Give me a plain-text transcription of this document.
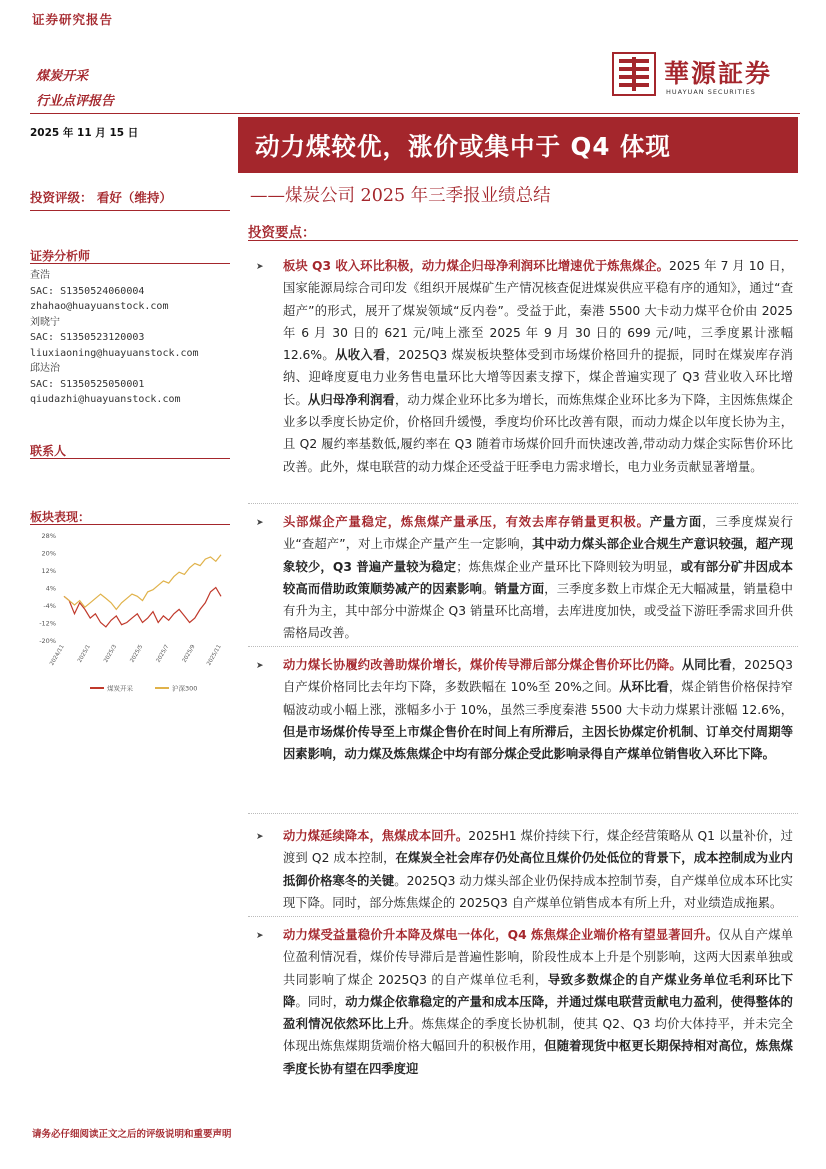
证券研究报告
煤炭开采
行业点评报告
華源証券
HUAYUAN SECURITIES
2025 年 11 月 15 日	动力煤较优，涨价或集中于 Q4 体现
——煤炭公司 2025 年三季报业绩总结
投资评级： 看好（维持）
证券分析师
查浩
SAC: S1350524060004
zhahao@huayuanstock.com
刘晓宁
SAC: S1350523120003
liuxiaoning@huayuanstock.com
邱达治
SAC: S1350525050001
qiudazhi@huayuanstock.com
联系人
板块表现：
28%
20%
12%
4%
-4%
-12%
-20%
2024/11 2025/1 2025/3 2025/5 2025/7 2025/9 2025/11
煤炭开采	沪深300
投资要点：
➤ 板块 Q3 收入环比积极，动力煤企归母净利润环比增速优于炼焦煤企。2025 年 7 月 10 日，国家能源局综合司印发《组织开展煤矿生产情况核查促进煤炭供应平稳有序的通知》，通过“查超产”的形式，展开了煤炭领域“反内卷”。受益于此，秦港 5500 大卡动力煤平仓价由 2025 年 6 月 30 日的 621 元/吨上涨至 2025 年 9 月 30 日的 699 元/吨，三季度累计涨幅 12.6%。从收入看，2025Q3 煤炭板块整体受到市场煤价格回升的提振，同时在煤炭库存消纳、迎峰度夏电力业务售电量环比大增等因素支撑下，煤企普遍实现了 Q3 营业收入环比增长。从归母净利润看，动力煤企业环比多为增长，而炼焦煤企业环比多为下降，主因炼焦煤企业多以季度长协定价，价格回升缓慢，季度均价环比改善有限，而动力煤企以年度长协为主，且 Q2 履约率基数低,履约率在 Q3 随着市场煤价回升而快速改善,带动动力煤企实际售价环比改善。此外，煤电联营的动力煤企还受益于旺季电力需求增长，电力业务贡献显著增量。
➤ 头部煤企产量稳定，炼焦煤产量承压，有效去库存销量更积极。产量方面，三季度煤炭行业“查超产”，对上市煤企产量产生一定影响，其中动力煤头部企业合规生产意识较强，超产现象较少，Q3 普遍产量较为稳定；炼焦煤企业产量环比下降则较为明显，或有部分矿井因成本较高而借助政策顺势减产的因素影响。销量方面，三季度多数上市煤企无大幅减量，销量稳中有升为主，其中部分中游煤企 Q3 销量环比高增，去库进度加快，或受益下游旺季需求回升供需格局改善。
➤ 动力煤长协履约改善助煤价增长，煤价传导滞后部分煤企售价环比仍降。从同比看，2025Q3 自产煤价格同比去年均下降，多数跌幅在 10%至 20%之间。从环比看，煤企销售价格保持窄幅波动或小幅上涨，涨幅多小于 10%，虽然三季度秦港 5500 大卡动力煤累计涨幅 12.6%，但是市场煤价传导至上市煤企售价在时间上有所滞后，主因长协煤定价机制、订单交付周期等因素影响，动力煤及炼焦煤企中均有部分煤企受此影响录得自产煤单位销售收入环比下降。
➤ 动力煤延续降本，焦煤成本回升。2025H1 煤价持续下行，煤企经营策略从 Q1 以量补价，过渡到 Q2 成本控制，在煤炭全社会库存仍处高位且煤价仍处低位的背景下，成本控制成为业内抵御价格寒冬的关键。2025Q3 动力煤头部企业仍保持成本控制节奏，自产煤单位成本环比实现下降。同时，部分炼焦煤企的 2025Q3 自产煤单位销售成本有所上升，对业绩造成拖累。
➤ 动力煤受益量稳价升本降及煤电一体化，Q4 炼焦煤企业端价格有望显著回升。仅从自产煤单位盈利情况看，煤价传导滞后是普遍性影响，阶段性成本上升是个别影响，这两大因素单独或共同影响了煤企 2025Q3 的自产煤单位毛利，导致多数煤企的自产煤业务单位毛利环比下降。同时，动力煤企依靠稳定的产量和成本压降，并通过煤电联营贡献电力盈利，使得整体的盈利情况依然环比上升。炼焦煤企的季度长协机制，使其 Q2、Q3 均价大体持平，并未完全体现出炼焦煤期货端价格大幅回升的积极作用，但随着现货中枢更长期保持相对高位，炼焦煤季度长协有望在四季度迎
请务必仔细阅读正文之后的评级说明和重要声明
